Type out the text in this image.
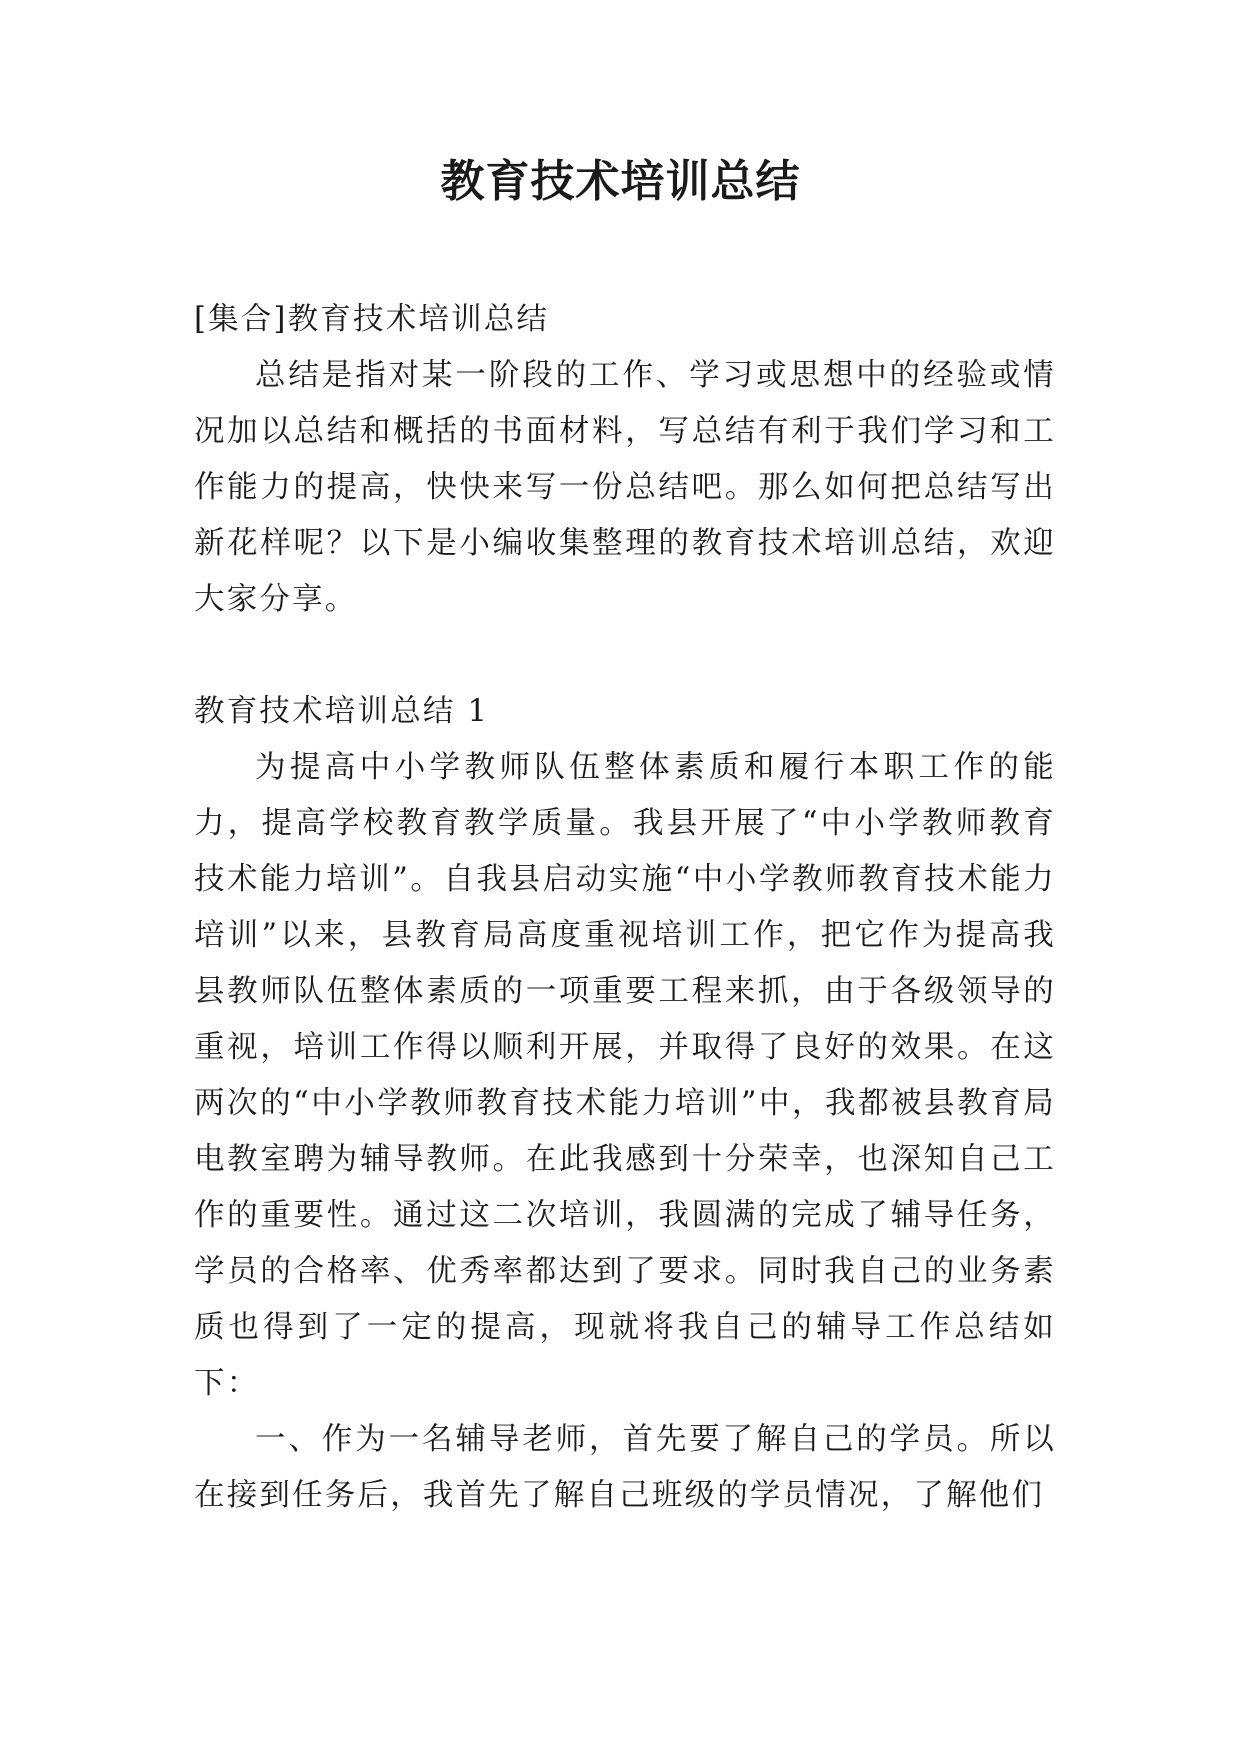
教育技术培训总结

[集合]教育技术培训总结

总结是指对某一阶段的工作、学习或思想中的经验或情况加以总结和概括的书面材料，写总结有利于我们学习和工作能力的提高，快快来写一份总结吧。那么如何把总结写出新花样呢？以下是小编收集整理的教育技术培训总结，欢迎大家分享。

教育技术培训总结 1

为提高中小学教师队伍整体素质和履行本职工作的能力，提高学校教育教学质量。我县开展了“中小学教师教育技术能力培训”。自我县启动实施“中小学教师教育技术能力培训”以来，县教育局高度重视培训工作，把它作为提高我县教师队伍整体素质的一项重要工程来抓，由于各级领导的重视，培训工作得以顺利开展，并取得了良好的效果。在这两次的“中小学教师教育技术能力培训”中，我都被县教育局电教室聘为辅导教师。在此我感到十分荣幸，也深知自己工作的重要性。通过这二次培训，我圆满的完成了辅导任务，学员的合格率、优秀率都达到了要求。同时我自己的业务素质也得到了一定的提高，现就将我自己的辅导工作总结如下：

一、作为一名辅导老师，首先要了解自己的学员。所以在接到任务后，我首先了解自己班级的学员情况，了解他们
